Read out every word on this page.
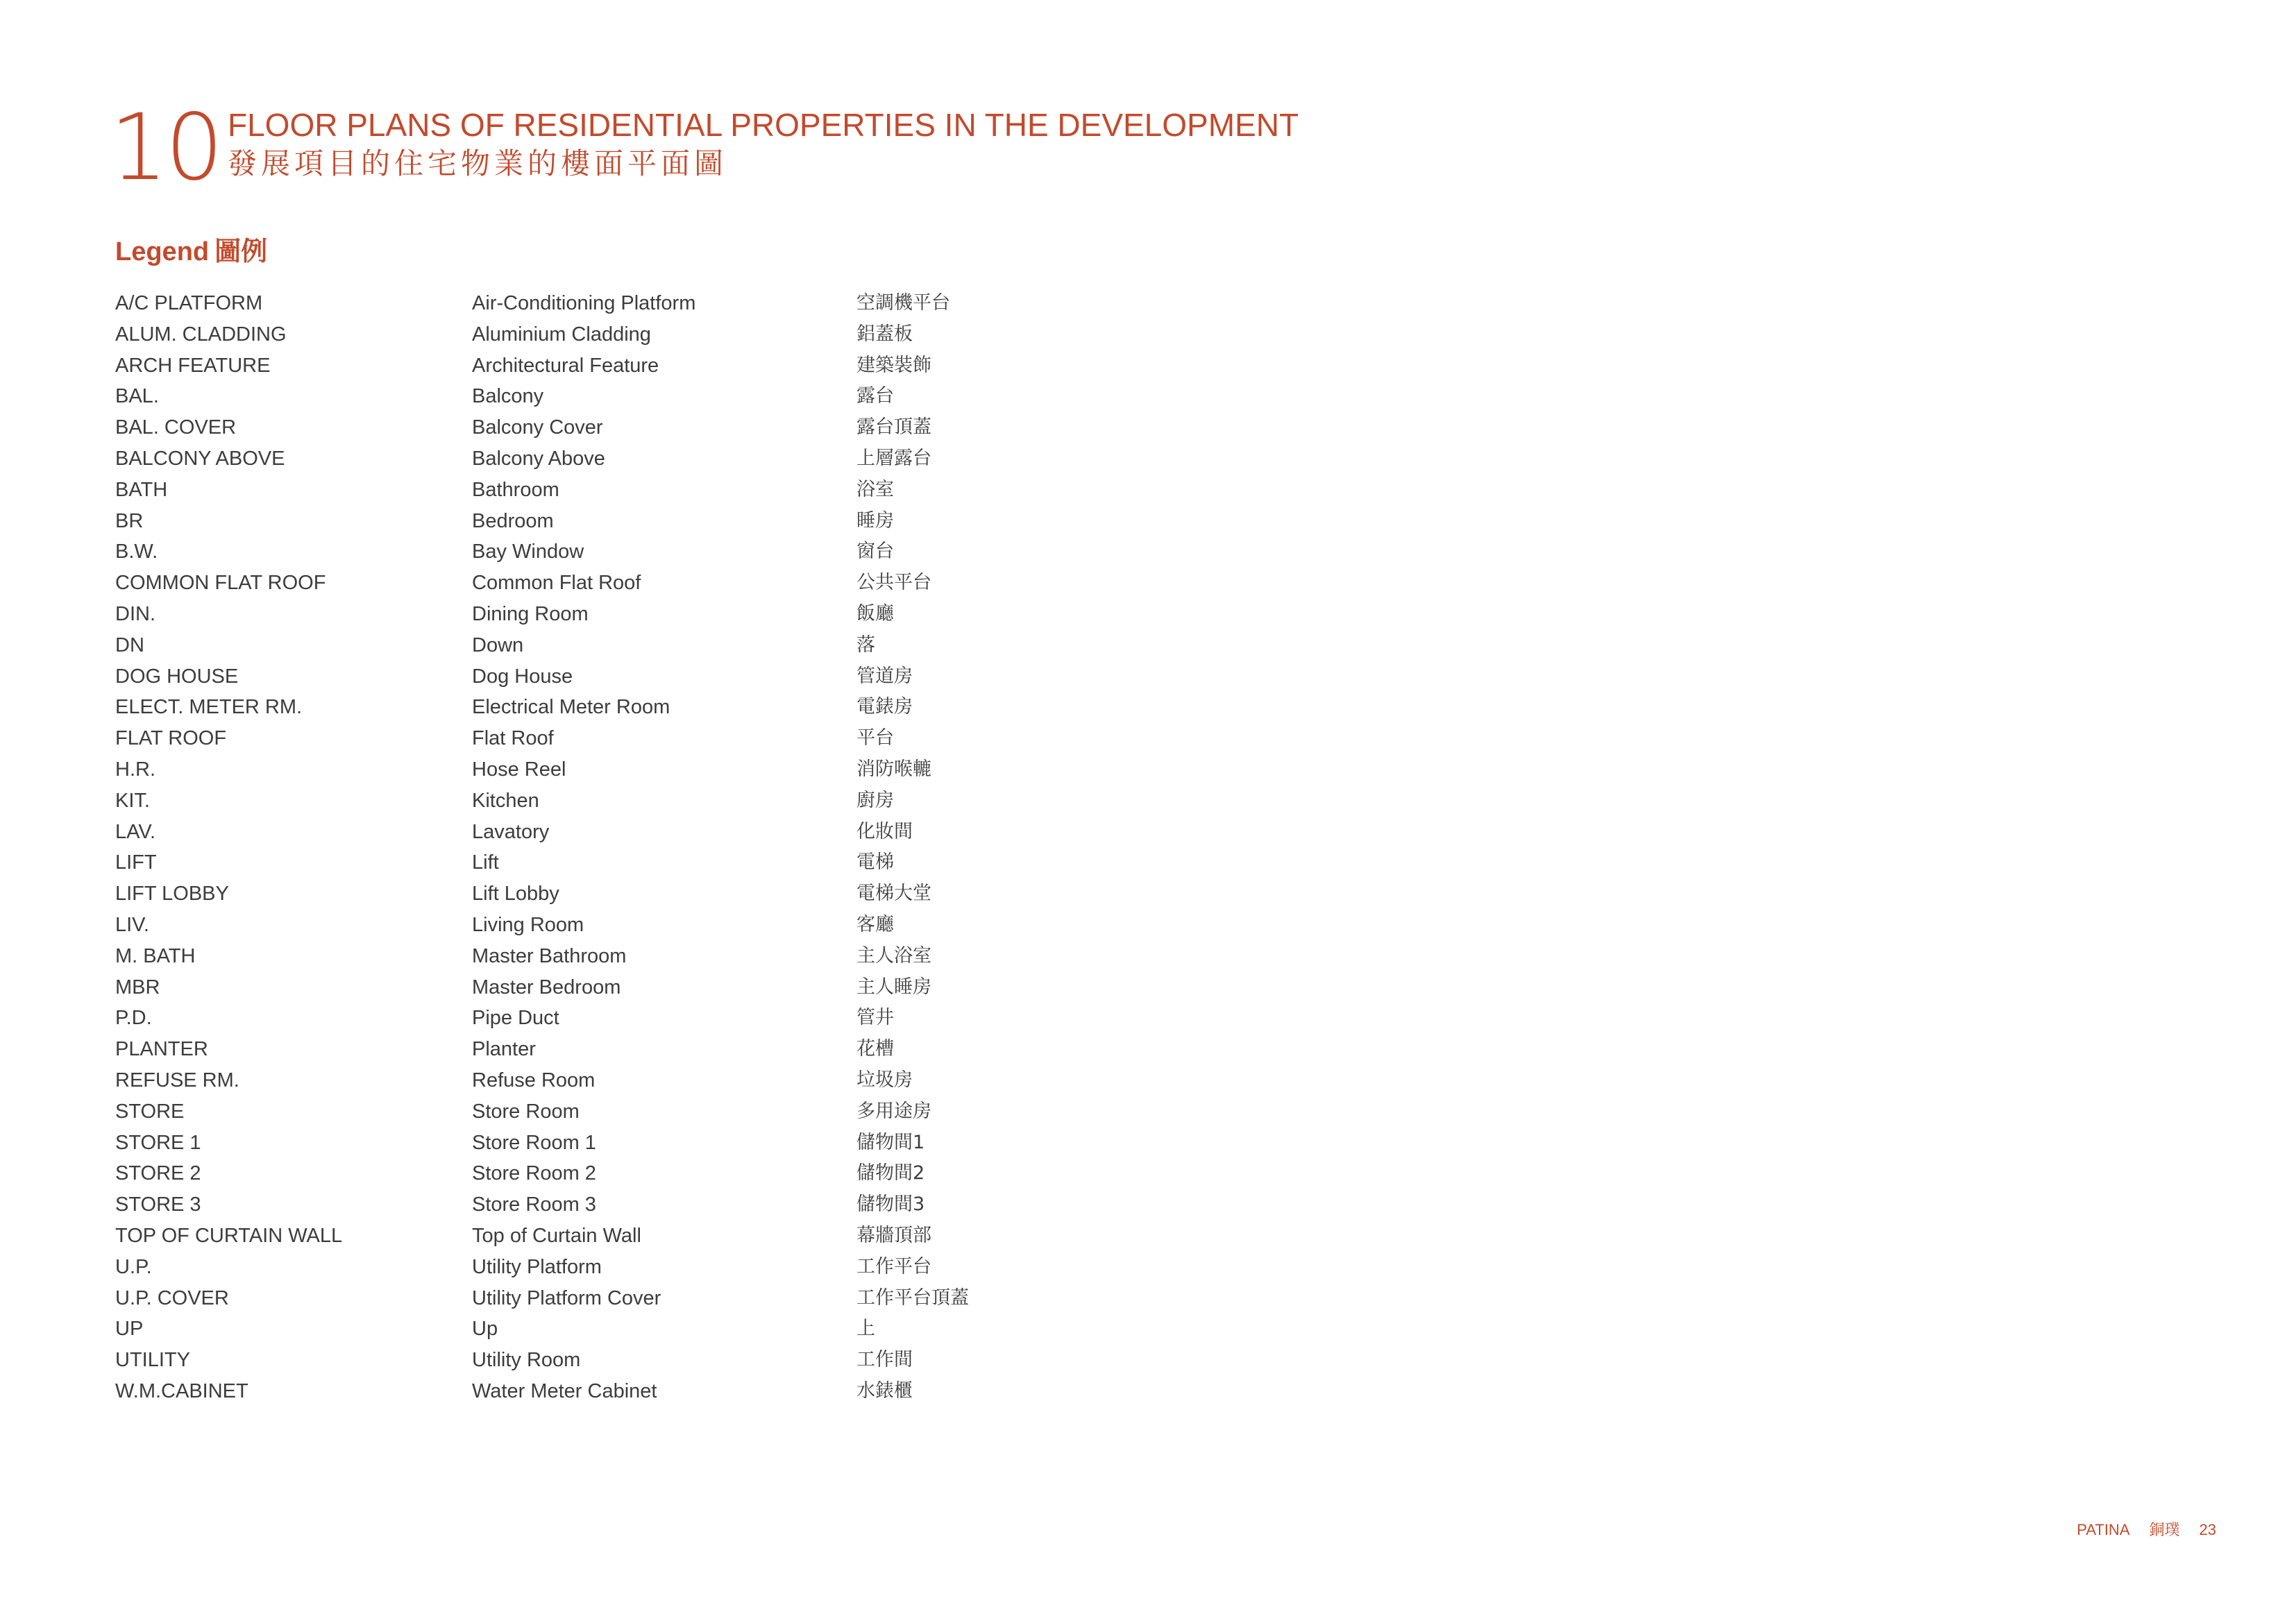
10 FLOOR PLANS OF RESIDENTIAL PROPERTIES IN THE DEVELOPMENT
發展項目的住宅物業的樓面平面圖
Legend 圖例
A/C PLATFORM	Air-Conditioning Platform	空調機平台
ALUM. CLADDING	Aluminium Cladding	鋁蓋板
ARCH FEATURE	Architectural Feature	建築裝飾
BAL.	Balcony	露台
BAL. COVER	Balcony Cover	露台頂蓋
BALCONY ABOVE	Balcony Above	上層露台
BATH	Bathroom	浴室
BR	Bedroom	睡房
B.W.	Bay Window	窗台
COMMON FLAT ROOF	Common Flat Roof	公共平台
DIN.	Dining Room	飯廳
DN	Down	落
DOG HOUSE	Dog House	管道房
ELECT. METER RM.	Electrical Meter Room	電錶房
FLAT ROOF	Flat Roof	平台
H.R.	Hose Reel	消防喉轆
KIT.	Kitchen	廚房
LAV.	Lavatory	化妝間
LIFT	Lift	電梯
LIFT LOBBY	Lift Lobby	電梯大堂
LIV.	Living Room	客廳
M. BATH	Master Bathroom	主人浴室
MBR	Master Bedroom	主人睡房
P.D.	Pipe Duct	管井
PLANTER	Planter	花槽
REFUSE RM.	Refuse Room	垃圾房
STORE	Store Room	多用途房
STORE 1	Store Room 1	儲物間1
STORE 2	Store Room 2	儲物間2
STORE 3	Store Room 3	儲物間3
TOP OF CURTAIN WALL	Top of Curtain Wall	幕牆頂部
U.P.	Utility Platform	工作平台
U.P. COVER	Utility Platform Cover	工作平台頂蓋
UP	Up	上
UTILITY	Utility Room	工作間
W.M.CABINET	Water Meter Cabinet	水錶櫃
PATINA 銅璞 23
